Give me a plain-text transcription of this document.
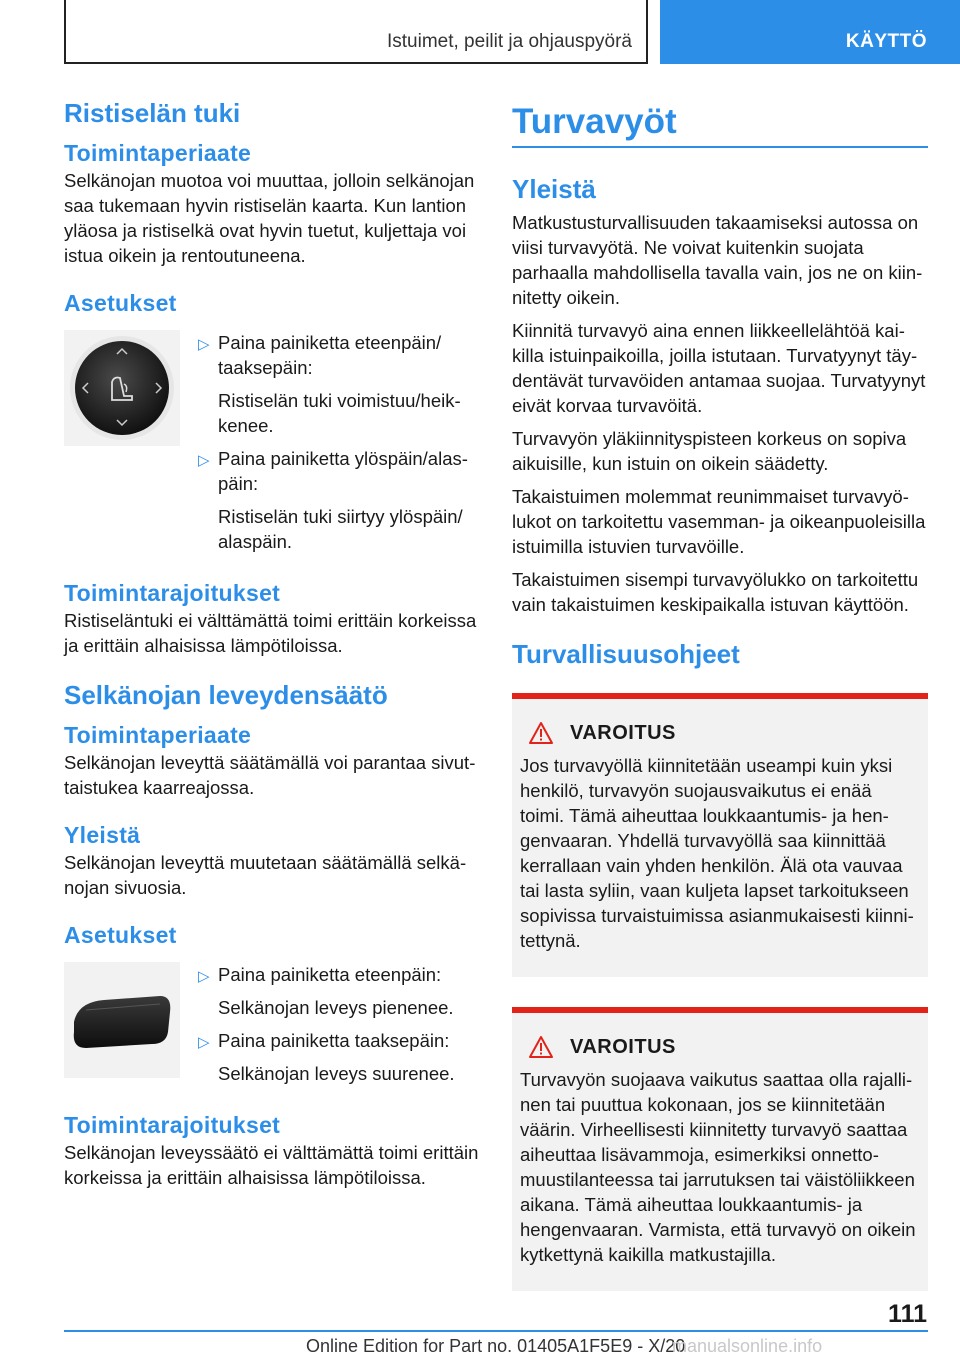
Istuimet, peilit ja ohjauspyörä	KÄYTTÖ
Ristiselän tuki
Toimintaperiaate

Selkänojan muotoa voi muuttaa, jolloin selkänojan saa tukemaan hyvin ristiselän kaarta. Kun lantion yläosa ja ristiselkä ovat hyvin tuetut, kuljettaja voi istua oikein ja rentoutuneena.

Asetukset
▷ Paina painiketta eteenpäin/ taaksepäin:

Ristiselän tuki voimistuu/heikkenee.

▷ Paina painiketta ylöspäin/alaspäin:

Ristiselän tuki siirtyy ylöspäin/ alaspäin.

Toimintarajoitukset

Ristiseläntuki ei välttämättä toimi erittäin korkeissa ja erittäin alhaisissa lämpötiloissa.

Selkänojan leveydensäätö
Toimintaperiaate

Selkänojan leveyttä säätämällä voi parantaa sivuttaistukea kaarreajossa.

Yleistä

Selkänojan leveyttä muutetaan säätämällä selkänojan sivuosia.

Asetukset
▷ Paina painiketta eteenpäin:

Selkänojan leveys pienenee.

▷ Paina painiketta taaksepäin:

Selkänojan leveys suurenee.

Toimintarajoitukset

Selkänojan leveyssäätö ei välttämättä toimi erittäin korkeissa ja erittäin alhaisissa lämpötiloissa.

Turvavyöt
Yleistä

Matkustusturvallisuuden takaamiseksi autossa on viisi turvavyötä. Ne voivat kuitenkin suojata parhaalla mahdollisella tavalla vain, jos ne on kiinnitetty oikein.

Kiinnitä turvavyö aina ennen liikkeellelähtöä kaikilla istuinpaikoilla, joilla istutaan. Turvatyynyt täydentävät turvavöiden antamaa suojaa. Turvatyynyt eivät korvaa turvavöitä.

Turvavyön yläkiinnityspisteen korkeus on sopiva aikuisille, kun istuin on oikein säädetty.

Takaistuimen molemmat reunimmaiset turvavyölukot on tarkoitettu vasemman- ja oikeanpuoleisilla istuimilla istuvien turvavöille.

Takaistuimen sisempi turvavyölukko on tarkoitettu vain takaistuimen keskipaikalla istuvan käyttöön.

Turvallisuusohjeet
VAROITUS

Jos turvavyöllä kiinnitetään useampi kuin yksi henkilö, turvavyön suojausvaikutus ei enää toimi. Tämä aiheuttaa loukkaantumis- ja hengenvaaran. Yhdellä turvavyöllä saa kiinnittää kerrallaan vain yhden henkilön. Älä ota vauvaa tai lasta syliin, vaan kuljeta lapset tarkoitukseen sopivissa turvaistuimissa asianmukaisesti kiinnitettynä.

VAROITUS

Turvavyön suojaava vaikutus saattaa olla rajallinen tai puuttua kokonaan, jos se kiinnitetään väärin. Virheellisesti kiinnitetty turvavyö saattaa aiheuttaa lisävammoja, esimerkiksi onnettomuustilanteessa tai jarrutuksen tai väistöliikkeen aikana. Tämä aiheuttaa loukkaantumis- ja hengenvaaran. Varmista, että turvavyö on oikein kytkettynä kaikilla matkustajilla.

111
Online Edition for Part no. 01405A1F5E9 - X/20
manualsonline.info
